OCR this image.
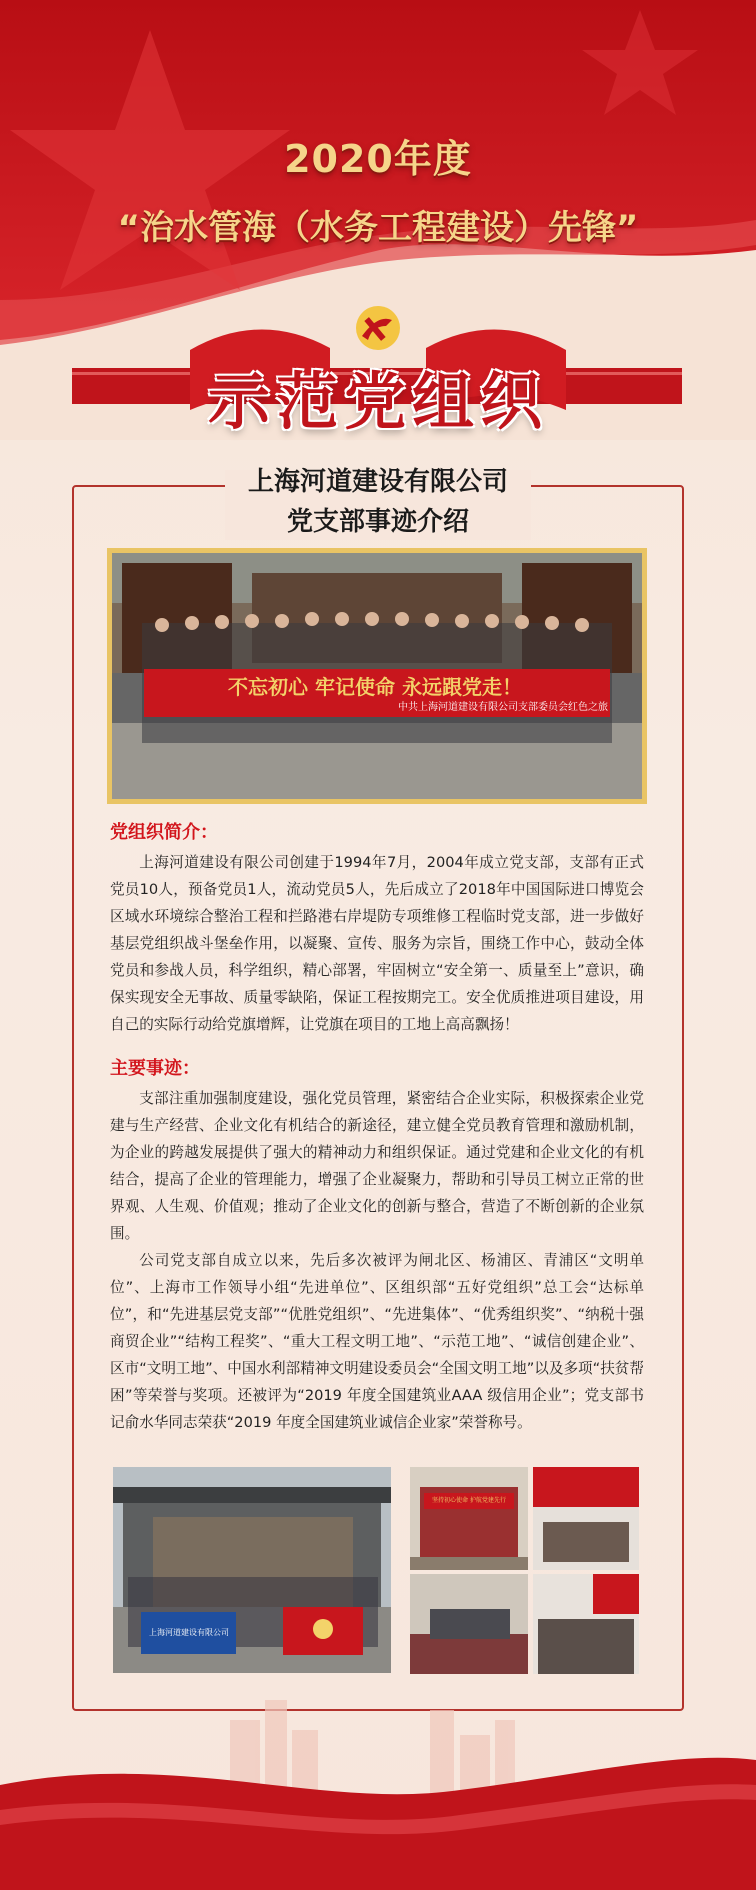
2020年度
“治水管海（水务工程建设）先锋”
示范党组织
上海河道建设有限公司
党支部事迹介绍
不忘初心 牢记使命 永远跟党走！
中共上海河道建设有限公司支部委员会红色之旅
党组织简介：

上海河道建设有限公司创建于1994年7月，2004年成立党支部，支部有正式党员10人，预备党员1人，流动党员5人，先后成立了2018年中国国际进口博览会区域水环境综合整治工程和拦路港右岸堤防专项维修工程临时党支部，进一步做好基层党组织战斗堡垒作用，以凝聚、宣传、服务为宗旨，围绕工作中心，鼓动全体党员和参战人员，科学组织，精心部署，牢固树立“安全第一、质量至上”意识，确保实现安全无事故、质量零缺陷，保证工程按期完工。安全优质推进项目建设，用自己的实际行动给党旗增辉，让党旗在项目的工地上高高飘扬！

主要事迹：

支部注重加强制度建设，强化党员管理，紧密结合企业实际，积极探索企业党建与生产经营、企业文化有机结合的新途径，建立健全党员教育管理和激励机制，为企业的跨越发展提供了强大的精神动力和组织保证。通过党建和企业文化的有机结合，提高了企业的管理能力，增强了企业凝聚力，帮助和引导员工树立正常的世界观、人生观、价值观；推动了企业文化的创新与整合，营造了不断创新的企业氛围。

公司党支部自成立以来，先后多次被评为闸北区、杨浦区、青浦区“文明单位”、上海市工作领导小组“先进单位”、区组织部“五好党组织”总工会“达标单位”，和“先进基层党支部”“优胜党组织”、“先进集体”、“优秀组织奖”、“纳税十强商贸企业”“结构工程奖”、“重大工程文明工地”、“示范工地”、“诚信创建企业”、区市“文明工地”、中国水利部精神文明建设委员会“全国文明工地”以及多项“扶贫帮困”等荣誉与奖项。还被评为“2019 年度全国建筑业AAA 级信用企业”；党支部书记俞水华同志荣获“2019 年度全国建筑业诚信企业家”荣誉称号。

上海河道建设有限公司
坚持初心使命 护航党建先行
